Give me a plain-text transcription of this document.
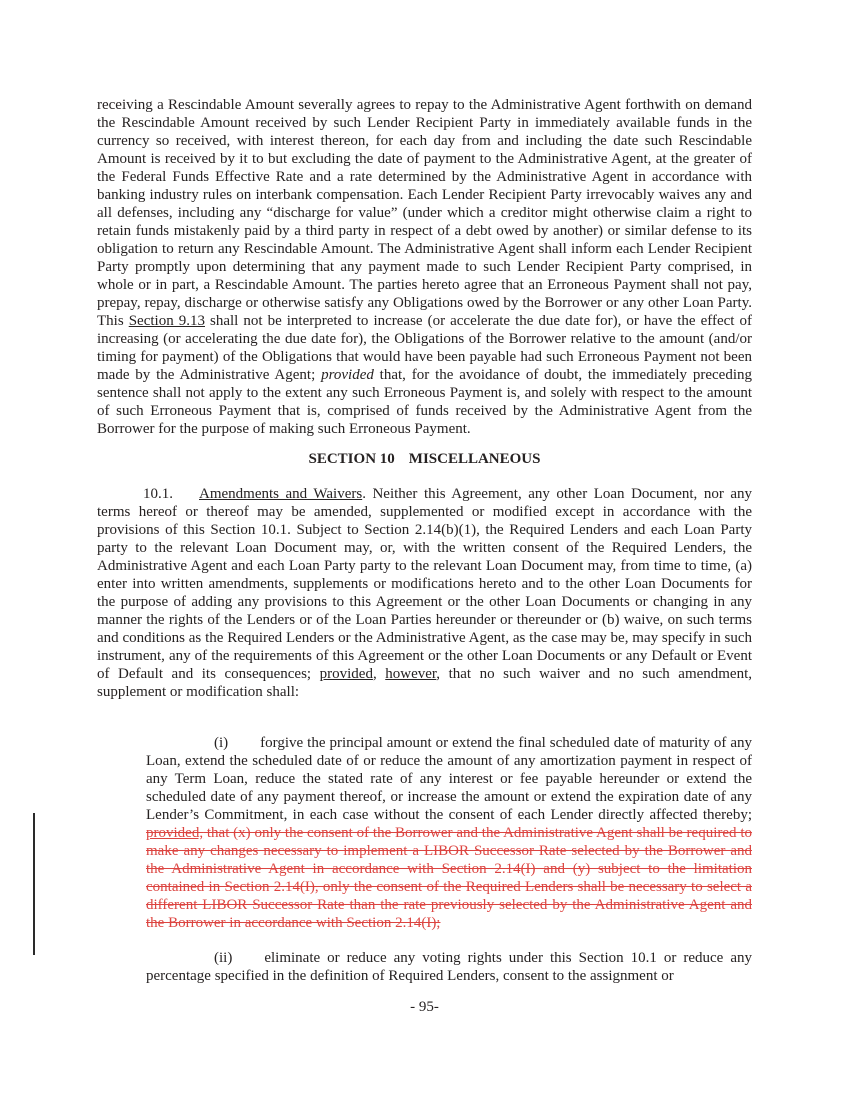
receiving a Rescindable Amount severally agrees to repay to the Administrative Agent forthwith on demand the Rescindable Amount received by such Lender Recipient Party in immediately available funds in the currency so received, with interest thereon, for each day from and including the date such Rescindable Amount is received by it to but excluding the date of payment to the Administrative Agent, at the greater of the Federal Funds Effective Rate and a rate determined by the Administrative Agent in accordance with banking industry rules on interbank compensation. Each Lender Recipient Party irrevocably waives any and all defenses, including any “discharge for value” (under which a creditor might otherwise claim a right to retain funds mistakenly paid by a third party in respect of a debt owed by another) or similar defense to its obligation to return any Rescindable Amount. The Administrative Agent shall inform each Lender Recipient Party promptly upon determining that any payment made to such Lender Recipient Party comprised, in whole or in part, a Rescindable Amount. The parties hereto agree that an Erroneous Payment shall not pay, prepay, repay, discharge or otherwise satisfy any Obligations owed by the Borrower or any other Loan Party. This Section 9.13 shall not be interpreted to increase (or accelerate the due date for), or have the effect of increasing (or accelerating the due date for), the Obligations of the Borrower relative to the amount (and/or timing for payment) of the Obligations that would have been payable had such Erroneous Payment not been made by the Administrative Agent; provided that, for the avoidance of doubt, the immediately preceding sentence shall not apply to the extent any such Erroneous Payment is, and solely with respect to the amount of such Erroneous Payment that is, comprised of funds received by the Administrative Agent from the Borrower for the purpose of making such Erroneous Payment.

SECTION 10 MISCELLANEOUS

10.1. Amendments and Waivers. Neither this Agreement, any other Loan Document, nor any terms hereof or thereof may be amended, supplemented or modified except in accordance with the provisions of this Section 10.1. Subject to Section 2.14(b)(1), the Required Lenders and each Loan Party party to the relevant Loan Document may, or, with the written consent of the Required Lenders, the Administrative Agent and each Loan Party party to the relevant Loan Document may, from time to time, (a) enter into written amendments, supplements or modifications hereto and to the other Loan Documents for the purpose of adding any provisions to this Agreement or the other Loan Documents or changing in any manner the rights of the Lenders or of the Loan Parties hereunder or thereunder or (b) waive, on such terms and conditions as the Required Lenders or the Administrative Agent, as the case may be, may specify in such instrument, any of the requirements of this Agreement or the other Loan Documents or any Default or Event of Default and its consequences; provided, however, that no such waiver and no such amendment, supplement or modification shall:

(i) forgive the principal amount or extend the final scheduled date of maturity of any Loan, extend the scheduled date of or reduce the amount of any amortization payment in respect of any Term Loan, reduce the stated rate of any interest or fee payable hereunder or extend the scheduled date of any payment thereof, or increase the amount or extend the expiration date of any Lender’s Commitment, in each case without the consent of each Lender directly affected thereby; provided, that (x) only the consent of the Borrower and the Administrative Agent shall be required to make any changes necessary to implement a LIBOR Successor Rate selected by the Borrower and the Administrative Agent in accordance with Section 2.14(I) and (y) subject to the limitation contained in Section 2.14(I), only the consent of the Required Lenders shall be necessary to select a different LIBOR Successor Rate than the rate previously selected by the Administrative Agent and the Borrower in accordance with Section 2.14(I);

(ii) eliminate or reduce any voting rights under this Section 10.1 or reduce any percentage specified in the definition of Required Lenders, consent to the assignment or

- 95-
